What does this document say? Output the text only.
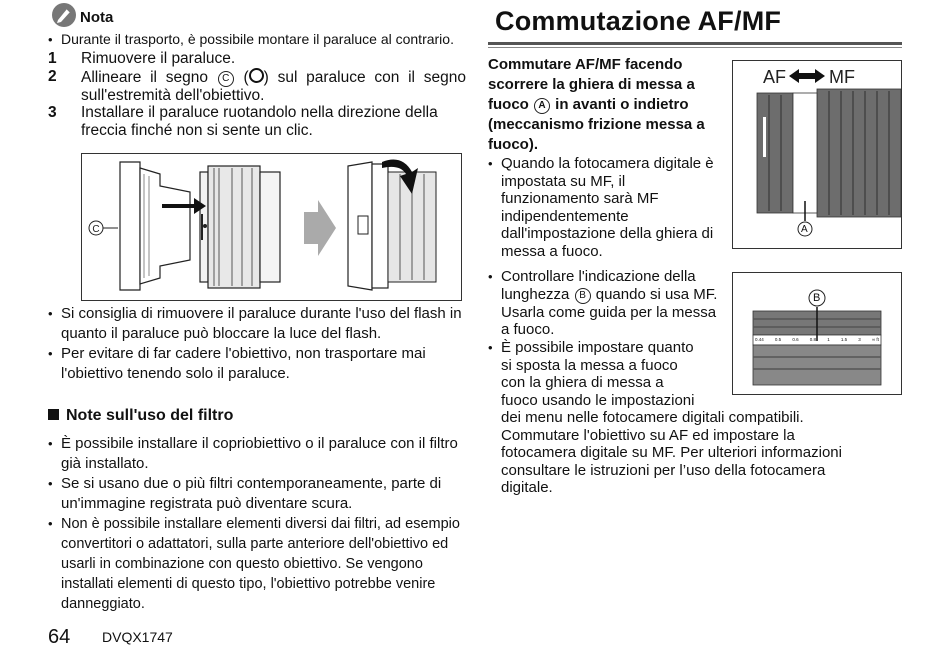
Nota
• Durante il trasporto, è possibile montare il paraluce al contrario.
1 Rimuovere il paraluce.
2 Allineare il segno C ( ) sul paraluce con il segno sull'estremità dell'obiettivo.
3 Installare il paraluce ruotandolo nella direzione della freccia finché non si sente un clic.
C
• Si consiglia di rimuovere il paraluce durante l'uso del flash in quanto il paraluce può bloccare la luce del flash.
• Per evitare di far cadere l'obiettivo, non trasportare mai l'obiettivo tenendo solo il paraluce.
Note sull'uso del filtro
• È possibile installare il copriobiettivo o il paraluce con il filtro già installato.
• Se si usano due o più filtri contemporaneamente, parte di un'immagine registrata può diventare scura.
• Non è possibile installare elementi diversi dai filtri, ad esempio convertitori o adattatori, sulla parte anteriore dell'obiettivo ed usarli in combinazione con questo obiettivo. Se vengono installati elementi di questo tipo, l'obiettivo potrebbe venire danneggiato.
64 DVQX1747
Commutazione AF/MF
Commutare AF/MF facendo scorrere la ghiera di messa a fuoco A in avanti o indietro (meccanismo frizione messa a fuoco).
• Quando la fotocamera digitale è impostata su MF, il funzionamento sarà MF indipendentemente dall'impostazione della ghiera di messa a fuoco.
• Controllare l'indicazione della lunghezza B quando si usa MF. Usarla come guida per la messa a fuoco.
• È possibile impostare quanto
si sposta la messa a fuoco
con la ghiera di messa a
fuoco usando le impostazioni
dei menu nelle fotocamere digitali compatibili.
Commutare l'obiettivo su AF ed impostare la
fotocamera digitale su MF. Per ulteriori informazioni
consultare le istruzioni per l’uso della fotocamera
digitale.
AF MF
A
B
0.44 0.5 0.6 0.8 1 1.5 3 ∞ ft
